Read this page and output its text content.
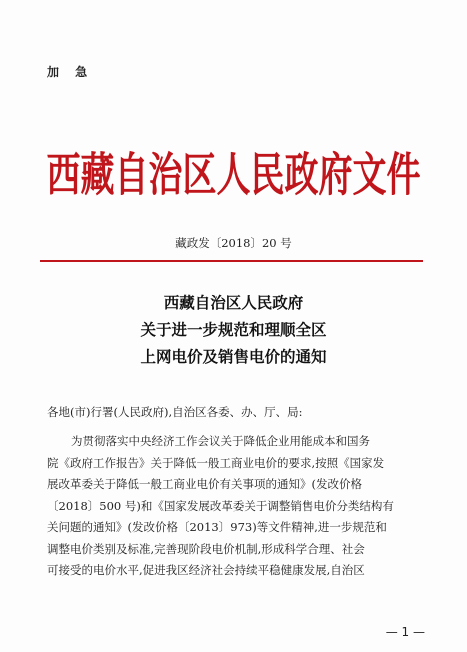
加 急
西藏自治区人民政府文件
藏政发〔2018〕20 号
西藏自治区人民政府
关于进一步规范和理顺全区
上网电价及销售电价的通知
各地(市)行署(人民政府),自治区各委、办、厅、局:
为贯彻落实中央经济工作会议关于降低企业用能成本和国务
院《政府工作报告》关于降低一般工商业电价的要求,按照《国家发
展改革委关于降低一般工商业电价有关事项的通知》(发改价格
〔2018〕500 号)和《国家发展改革委关于调整销售电价分类结构有
关问题的通知》(发改价格〔2013〕973)等文件精神,进一步规范和
调整电价类别及标准,完善现阶段电价机制,形成科学合理、社会
可接受的电价水平,促进我区经济社会持续平稳健康发展,自治区
— 1 —
